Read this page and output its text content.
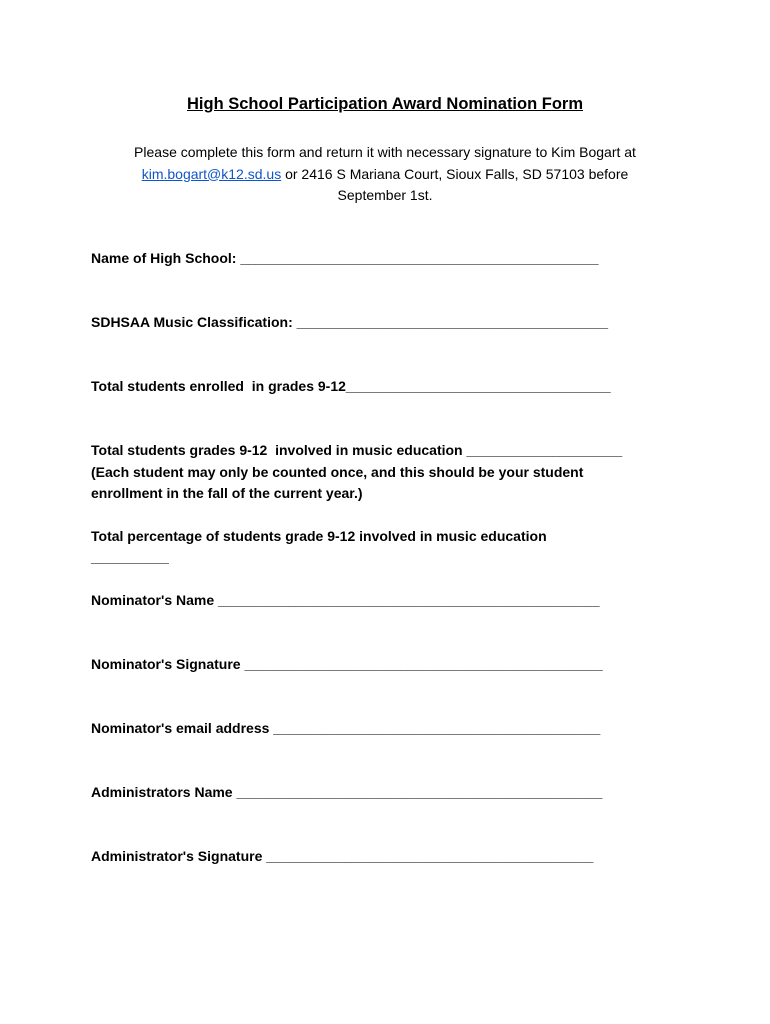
High School Participation Award Nomination Form
Please complete this form and return it with necessary signature to Kim Bogart at
kim.bogart@k12.sd.us or 2416 S Mariana Court, Sioux Falls, SD 57103 before
September 1st.
Name of High School: ______________________________________________
SDHSAA Music Classification: ________________________________________
Total students enrolled  in grades 9-12__________________________________
Total students grades 9-12  involved in music education ____________________
(Each student may only be counted once, and this should be your student
enrollment in the fall of the current year.)
Total percentage of students grade 9-12 involved in music education
__________
Nominator's Name _________________________________________________
Nominator's Signature ______________________________________________
Nominator's email address __________________________________________
Administrators Name _______________________________________________
Administrator's Signature __________________________________________
